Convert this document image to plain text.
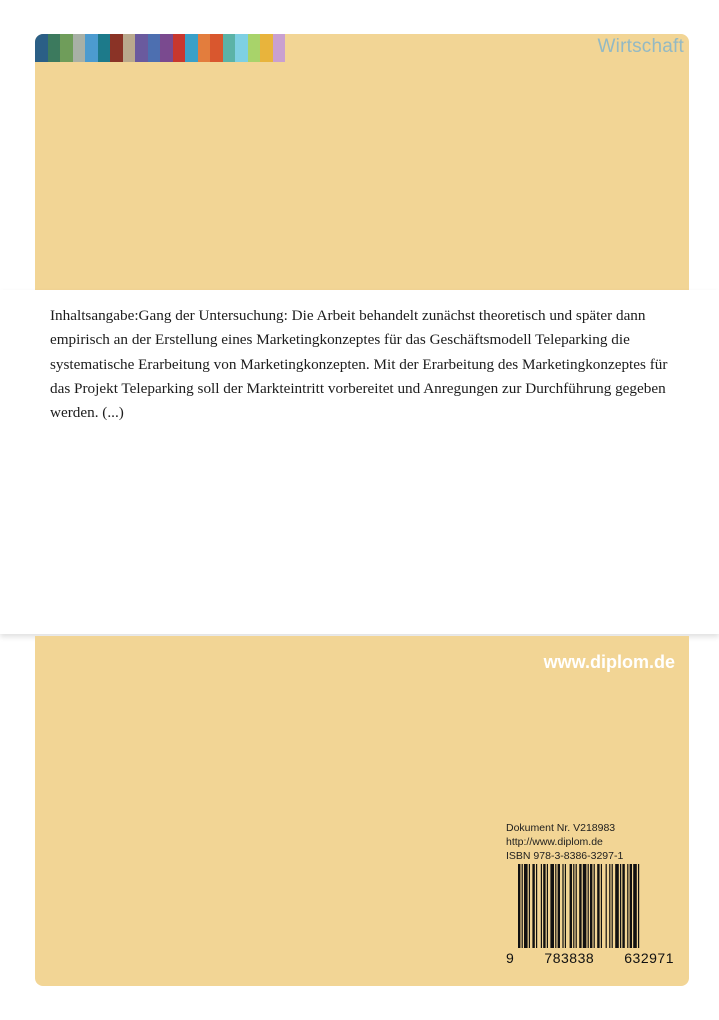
Wirtschaft

Inhaltsangabe:Gang der Untersuchung: Die Arbeit behandelt zunächst theoretisch und später dann empirisch an der Erstellung eines Marketingkonzeptes für das Geschäftsmodell Teleparking die systematische Erarbeitung von Marketingkonzepten. Mit der Erarbeitung des Marketingkonzeptes für das Projekt Teleparking soll der Markteintritt vorbereitet und Anregungen zur Durchführung gegeben werden. (...)

www.diplom.de
Dokument Nr. V218983
http://www.diplom.de
ISBN 978-3-8386-3297-1
9 783838 632971
